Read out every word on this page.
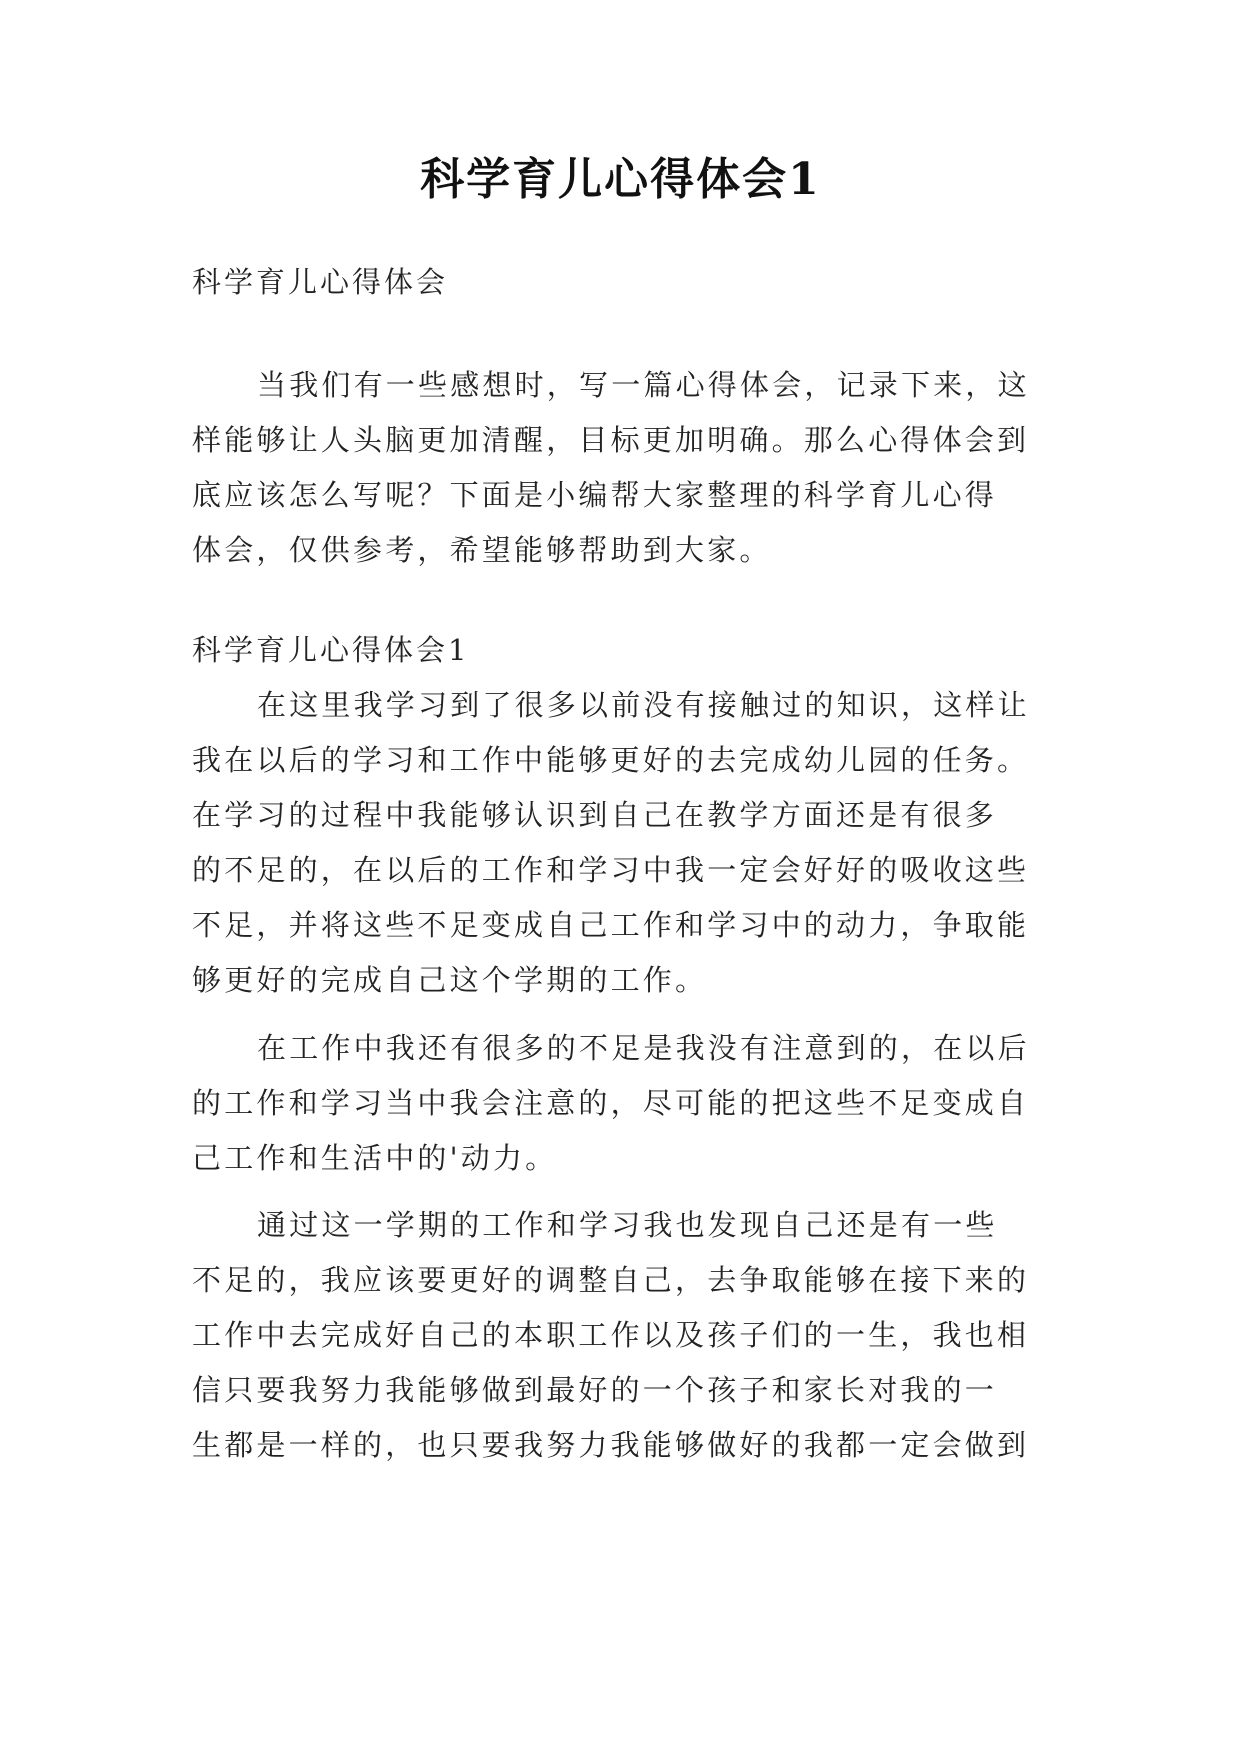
科学育儿心得体会1
科学育儿心得体会
当我们有一些感想时，写一篇心得体会，记录下来，这
样能够让人头脑更加清醒，目标更加明确。那么心得体会到
底应该怎么写呢？下面是小编帮大家整理的科学育儿心得
体会，仅供参考，希望能够帮助到大家。
科学育儿心得体会1
在这里我学习到了很多以前没有接触过的知识，这样让
我在以后的学习和工作中能够更好的去完成幼儿园的任务。
在学习的过程中我能够认识到自己在教学方面还是有很多
的不足的，在以后的工作和学习中我一定会好好的吸收这些
不足，并将这些不足变成自己工作和学习中的动力，争取能
够更好的完成自己这个学期的工作。
在工作中我还有很多的不足是我没有注意到的，在以后
的工作和学习当中我会注意的，尽可能的把这些不足变成自
己工作和生活中的'动力。
通过这一学期的工作和学习我也发现自己还是有一些
不足的，我应该要更好的调整自己，去争取能够在接下来的
工作中去完成好自己的本职工作以及孩子们的一生，我也相
信只要我努力我能够做到最好的一个孩子和家长对我的一
生都是一样的，也只要我努力我能够做好的我都一定会做到
